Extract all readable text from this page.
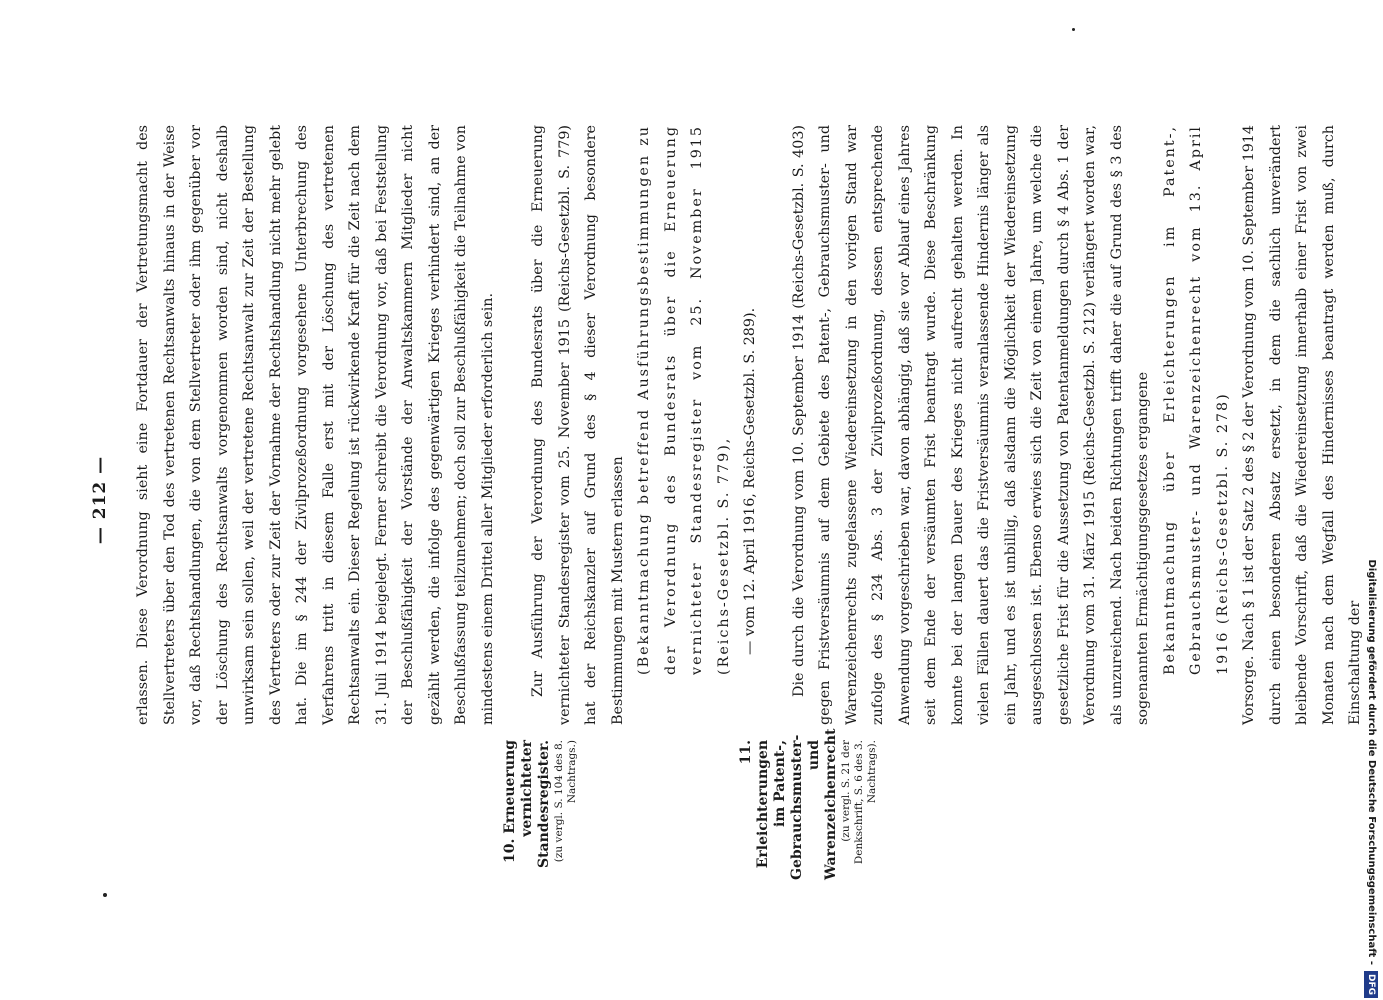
— 212 —
10. Erneuerung vernichteter Standesregister. (zu vergl. S. 104 des 8. Nachtrags.)	11. Erleichterungen im Patent-, Gebrauchsmuster- und Warenzeichenrecht (zu vergl. S. 21 der Denkschrift, S. 6 des 3. Nachtrags).

erlassen. Diese Verordnung sieht eine Fortdauer der Vertretungsmacht des Stellvertreters über den Tod des vertretenen Rechtsanwalts hinaus in der Weise vor, daß Rechtshandlungen, die von dem Stellvertreter oder ihm gegenüber vor der Löschung des Rechtsanwalts vorgenommen worden sind, nicht deshalb unwirksam sein sollen, weil der vertretene Rechtsanwalt zur Zeit der Bestellung des Vertreters oder zur Zeit der Vornahme der Rechtshandlung nicht mehr gelebt hat. Die im § 244 der Zivilprozeßordnung vorgesehene Unterbrechung des Verfahrens tritt in diesem Falle erst mit der Löschung des vertretenen Rechtsanwalts ein. Dieser Regelung ist rückwirkende Kraft für die Zeit nach dem 31. Juli 1914 beigelegt. Ferner schreibt die Verordnung vor, daß bei Feststellung der Beschlußfähigkeit der Vorstände der Anwaltskammern Mitglieder nicht gezählt werden, die infolge des gegenwärtigen Krieges verhindert sind, an der Beschlußfassung teilzunehmen; doch soll zur Beschlußfähigkeit die Teilnahme von mindestens einem Drittel aller Mitglieder erforderlich sein.	Zur Ausführung der Verordnung des Bundesrats über die Erneuerung vernichteter Standesregister vom 25. November 1915 (Reichs-Gesetzbl. S. 779) hat der Reichskanzler auf Grund des § 4 dieser Verordnung besondere Bestimmungen mit Mustern erlassen (Bekanntmachung betreffend Ausführungsbestimmungen zu der Verordnung des Bundesrats über die Erneuerung vernichteter Standesregister vom 25. November 1915 (Reichs-Gesetzbl. S. 779), — vom 12. April 1916, Reichs-Gesetzbl. S. 289).	Die durch die Verordnung vom 10. September 1914 (Reichs-Gesetzbl. S. 403) gegen Fristversäumnis auf dem Gebiete des Patent-, Gebrauchsmuster- und Warenzeichenrechts zugelassene Wiedereinsetzung in den vorigen Stand war zufolge des § 234 Abs. 3 der Zivilprozeßordnung, dessen entsprechende Anwendung vorgeschrieben war, davon abhängig, daß sie vor Ablauf eines Jahres seit dem Ende der versäumten Frist beantragt wurde. Diese Beschränkung konnte bei der langen Dauer des Krieges nicht aufrecht gehalten werden. In vielen Fällen dauert das die Fristversäumnis veranlassende Hindernis länger als ein Jahr, und es ist unbillig, daß alsdann die Möglichkeit der Wiedereinsetzung ausgeschlossen ist. Ebenso erwies sich die Zeit von einem Jahre, um welche die gesetzliche Frist für die Aussetzung von Patentanmeldungen durch § 4 Abs. 1 der Verordnung vom 31. März 1915 (Reichs-Gesetzbl. S. 212) verlängert worden war, als unzureichend. Nach beiden Richtungen trifft daher die auf Grund des § 3 des sogenannten Ermächtigungsgesetzes ergangene Bekanntmachung über Erleichterungen im Patent-, Gebrauchsmuster- und Warenzeichenrecht vom 13. April 1916 (Reichs-Gesetzbl. S. 278) Vorsorge. Nach § 1 ist der Satz 2 des § 2 der Verordnung vom 10. September 1914 durch einen besonderen Absatz ersetzt, in dem die sachlich unverändert bleibende Vorschrift, daß die Wiedereinsetzung innerhalb einer Frist von zwei Monaten nach dem Wegfall des Hindernisses beantragt werden muß, durch Einschaltung der Digitalisierung gefördert durch die Deutsche Forschungsgemeinschaft -DFG
